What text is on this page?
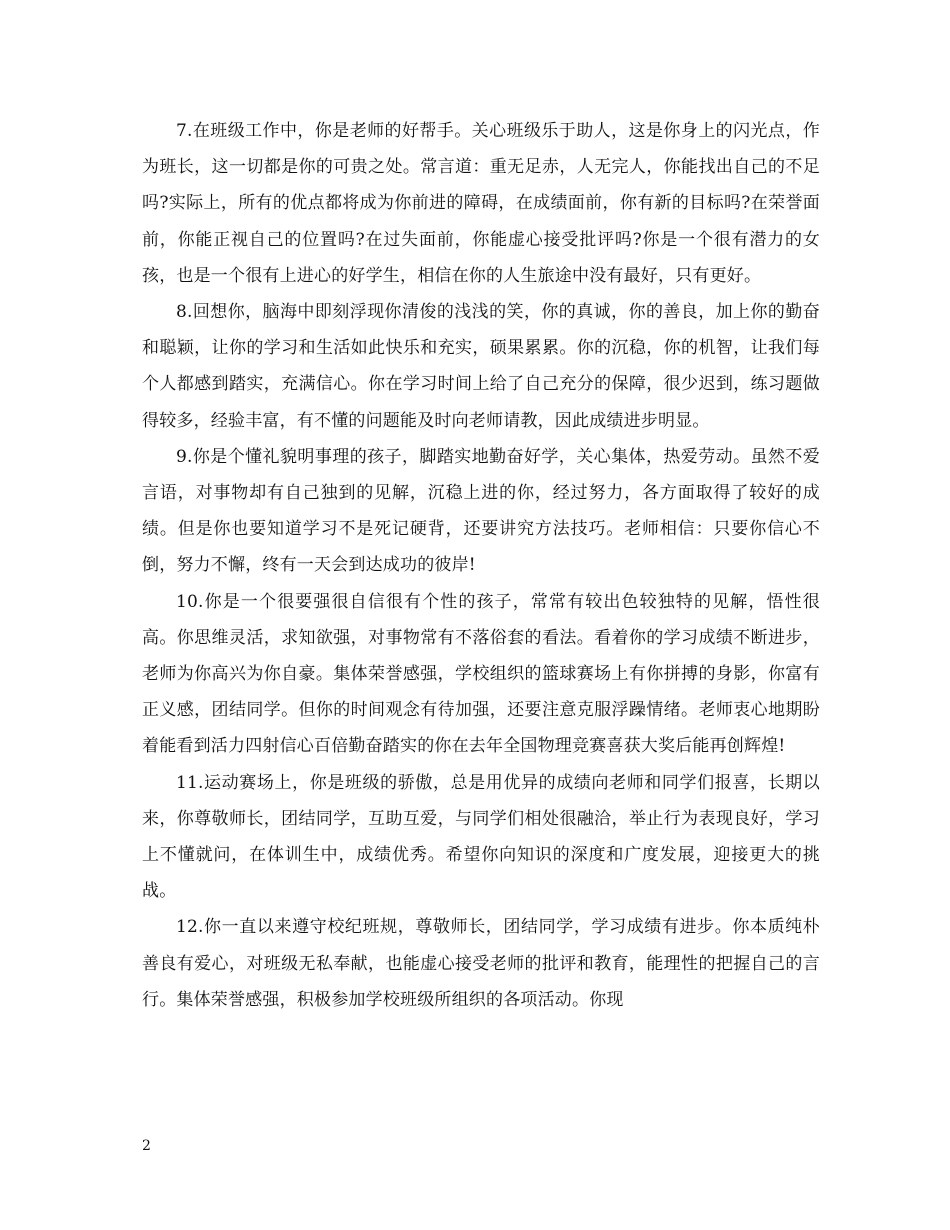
7.在班级工作中，你是老师的好帮手。关心班级乐于助人，这是你身上的闪光点，作为班长，这一切都是你的可贵之处。常言道：重无足赤，人无完人，你能找出自己的不足吗?实际上，所有的优点都将成为你前进的障碍，在成绩面前，你有新的目标吗?在荣誉面前，你能正视自己的位置吗?在过失面前，你能虚心接受批评吗?你是一个很有潜力的女孩，也是一个很有上进心的好学生，相信在你的人生旅途中没有最好，只有更好。

8.回想你，脑海中即刻浮现你清俊的浅浅的笑，你的真诚，你的善良，加上你的勤奋和聪颖，让你的学习和生活如此快乐和充实，硕果累累。你的沉稳，你的机智，让我们每个人都感到踏实，充满信心。你在学习时间上给了自己充分的保障，很少迟到，练习题做得较多，经验丰富，有不懂的问题能及时向老师请教，因此成绩进步明显。

9.你是个懂礼貌明事理的孩子，脚踏实地勤奋好学，关心集体，热爱劳动。虽然不爱言语，对事物却有自己独到的见解，沉稳上进的你，经过努力，各方面取得了较好的成绩。但是你也要知道学习不是死记硬背，还要讲究方法技巧。老师相信：只要你信心不倒，努力不懈，终有一天会到达成功的彼岸!

10.你是一个很要强很自信很有个性的孩子，常常有较出色较独特的见解，悟性很高。你思维灵活，求知欲强，对事物常有不落俗套的看法。看着你的学习成绩不断进步，老师为你高兴为你自豪。集体荣誉感强，学校组织的篮球赛场上有你拼搏的身影，你富有正义感，团结同学。但你的时间观念有待加强，还要注意克服浮躁情绪。老师衷心地期盼着能看到活力四射信心百倍勤奋踏实的你在去年全国物理竞赛喜获大奖后能再创辉煌!

11.运动赛场上，你是班级的骄傲，总是用优异的成绩向老师和同学们报喜，长期以来，你尊敬师长，团结同学，互助互爱，与同学们相处很融洽，举止行为表现良好，学习上不懂就问，在体训生中，成绩优秀。希望你向知识的深度和广度发展，迎接更大的挑战。

12.你一直以来遵守校纪班规，尊敬师长，团结同学，学习成绩有进步。你本质纯朴善良有爱心，对班级无私奉献，也能虚心接受老师的批评和教育，能理性的把握自己的言行。集体荣誉感强，积极参加学校班级所组织的各项活动。你现

2
